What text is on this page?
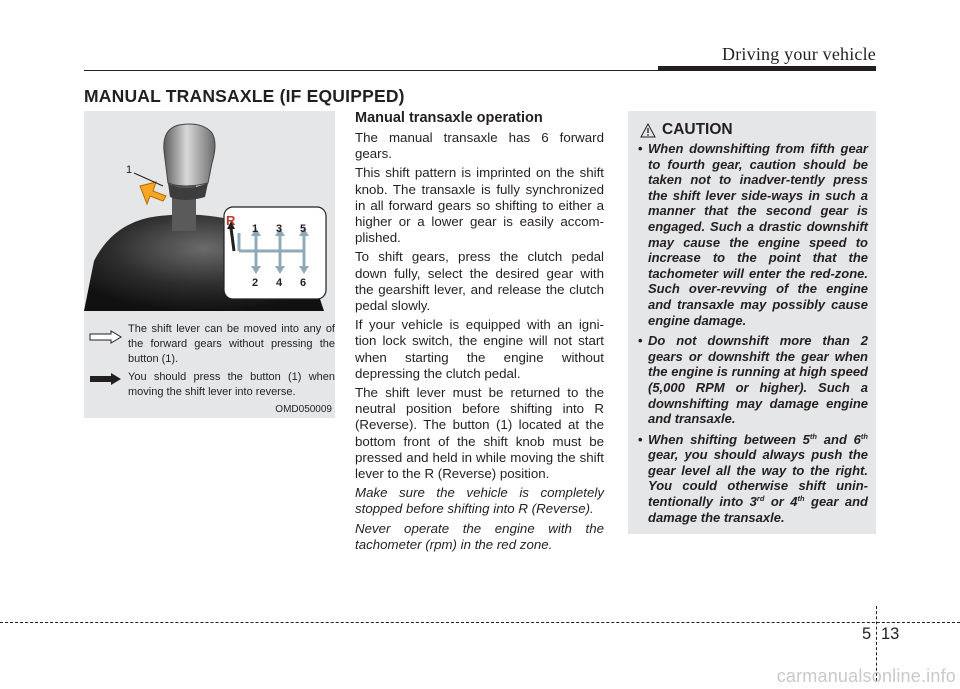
Driving your vehicle
MANUAL TRANSAXLE (IF EQUIPPED)
R
1 3 5
2 4 6
1
The shift lever can be moved into any of the forward gears without pressing the button (1).
You should press the button (1) when moving the shift lever into reverse.
OMD050009
Manual transaxle operation

The manual transaxle has 6 forward gears.

This shift pattern is imprinted on the shift knob. The transaxle is fully synchronized in all forward gears so shifting to either a higher or a lower gear is easily accom-plished.

To shift gears, press the clutch pedal down fully, select the desired gear with the gearshift lever, and release the clutch pedal slowly.

If your vehicle is equipped with an igni-tion lock switch, the engine will not start when starting the engine without depressing the clutch pedal.

The shift lever must be returned to the neutral position before shifting into R (Reverse). The button (1) located at the bottom front of the shift knob must be pressed and held in while moving the shift lever to the R (Reverse) position.

Make sure the vehicle is completely stopped before shifting into R (Reverse).

Never operate the engine with the tachometer (rpm) in the red zone.

CAUTION
• When downshifting from fifth gear to fourth gear, caution should be taken not to inadver-tently press the shift lever side-ways in such a manner that the second gear is engaged. Such a drastic downshift may cause the engine speed to increase to the point that the tachometer will enter the red-zone. Such over-revving of the engine and transaxle may possibly cause engine damage.
• Do not downshift more than 2 gears or downshift the gear when the engine is running at high speed (5,000 RPM or higher). Such a downshifting may damage engine and transaxle.
• When shifting between 5th and 6th gear, you should always push the gear level all the way to the right. You could otherwise shift unin-tentionally into 3rd or 4th gear and damage the transaxle.
5 13
carmanualsonline.info
